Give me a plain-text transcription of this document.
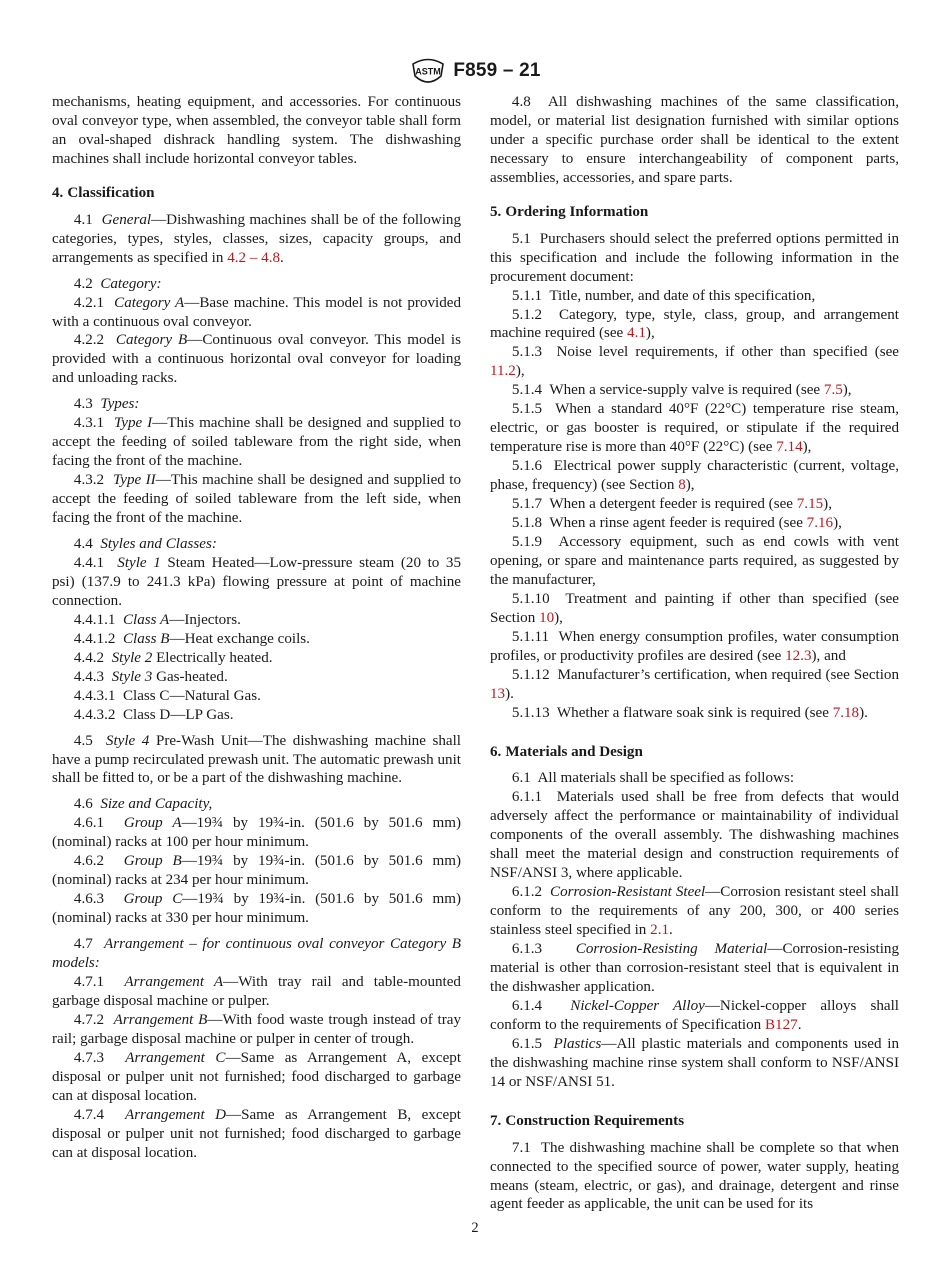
ASTM F859 – 21

mechanisms, heating equipment, and accessories. For continuous oval conveyor type, when assembled, the conveyor table shall form an oval-shaped dishrack handling system. The dishwashing machines shall include horizontal conveyor tables.

4. Classification

4.1 General—Dishwashing machines shall be of the following categories, types, styles, classes, sizes, capacity groups, and arrangements as specified in 4.2 – 4.8.

4.2 Category:

4.2.1 Category A—Base machine. This model is not provided with a continuous oval conveyor.

4.2.2 Category B—Continuous oval conveyor. This model is provided with a continuous horizontal oval conveyor for loading and unloading racks.

4.3 Types:

4.3.1 Type I—This machine shall be designed and supplied to accept the feeding of soiled tableware from the right side, when facing the front of the machine.

4.3.2 Type II—This machine shall be designed and supplied to accept the feeding of soiled tableware from the left side, when facing the front of the machine.

4.4 Styles and Classes:

4.4.1 Style 1 Steam Heated—Low-pressure steam (20 to 35 psi) (137.9 to 241.3 kPa) flowing pressure at point of machine connection.

4.4.1.1 Class A—Injectors.

4.4.1.2 Class B—Heat exchange coils.

4.4.2 Style 2 Electrically heated.

4.4.3 Style 3 Gas-heated.

4.4.3.1 Class C—Natural Gas.

4.4.3.2 Class D—LP Gas.

4.5 Style 4 Pre-Wash Unit—The dishwashing machine shall have a pump recirculated prewash unit. The automatic prewash unit shall be fitted to, or be a part of the dishwashing machine.

4.6 Size and Capacity,

4.6.1 Group A—19¾ by 19¾-in. (501.6 by 501.6 mm) (nominal) racks at 100 per hour minimum.

4.6.2 Group B—19¾ by 19¾-in. (501.6 by 501.6 mm) (nominal) racks at 234 per hour minimum.

4.6.3 Group C—19¾ by 19¾-in. (501.6 by 501.6 mm) (nominal) racks at 330 per hour minimum.

4.7 Arrangement – for continuous oval conveyor Category B models:

4.7.1 Arrangement A—With tray rail and table-mounted garbage disposal machine or pulper.

4.7.2 Arrangement B—With food waste trough instead of tray rail; garbage disposal machine or pulper in center of trough.

4.7.3 Arrangement C—Same as Arrangement A, except disposal or pulper unit not furnished; food discharged to garbage can at disposal location.

4.7.4 Arrangement D—Same as Arrangement B, except disposal or pulper unit not furnished; food discharged to garbage can at disposal location.

4.8 All dishwashing machines of the same classification, model, or material list designation furnished with similar options under a specific purchase order shall be identical to the extent necessary to ensure interchangeability of component parts, assemblies, accessories, and spare parts.

5. Ordering Information

5.1 Purchasers should select the preferred options permitted in this specification and include the following information in the procurement document:

5.1.1 Title, number, and date of this specification,

5.1.2 Category, type, style, class, group, and arrangement machine required (see 4.1),

5.1.3 Noise level requirements, if other than specified (see 11.2),

5.1.4 When a service-supply valve is required (see 7.5),

5.1.5 When a standard 40°F (22°C) temperature rise steam, electric, or gas booster is required, or stipulate if the required temperature rise is more than 40°F (22°C) (see 7.14),

5.1.6 Electrical power supply characteristic (current, voltage, phase, frequency) (see Section 8),

5.1.7 When a detergent feeder is required (see 7.15),

5.1.8 When a rinse agent feeder is required (see 7.16),

5.1.9 Accessory equipment, such as end cowls with vent opening, or spare and maintenance parts required, as suggested by the manufacturer,

5.1.10 Treatment and painting if other than specified (see Section 10),

5.1.11 When energy consumption profiles, water consumption profiles, or productivity profiles are desired (see 12.3), and

5.1.12 Manufacturer’s certification, when required (see Section 13).

5.1.13 Whether a flatware soak sink is required (see 7.18).

6. Materials and Design

6.1 All materials shall be specified as follows:

6.1.1 Materials used shall be free from defects that would adversely affect the performance or maintainability of individual components of the overall assembly. The dishwashing machines shall meet the material design and construction requirements of NSF/ANSI 3, where applicable.

6.1.2 Corrosion-Resistant Steel—Corrosion resistant steel shall conform to the requirements of any 200, 300, or 400 series stainless steel specified in 2.1.

6.1.3 Corrosion-Resisting Material—Corrosion-resisting material is other than corrosion-resistant steel that is equivalent in the dishwasher application.

6.1.4 Nickel-Copper Alloy—Nickel-copper alloys shall conform to the requirements of Specification B127.

6.1.5 Plastics—All plastic materials and components used in the dishwashing machine rinse system shall conform to NSF/ANSI 14 or NSF/ANSI 51.

7. Construction Requirements

7.1 The dishwashing machine shall be complete so that when connected to the specified source of power, water supply, heating means (steam, electric, or gas), and drainage, detergent and rinse agent feeder as applicable, the unit can be used for its

2
